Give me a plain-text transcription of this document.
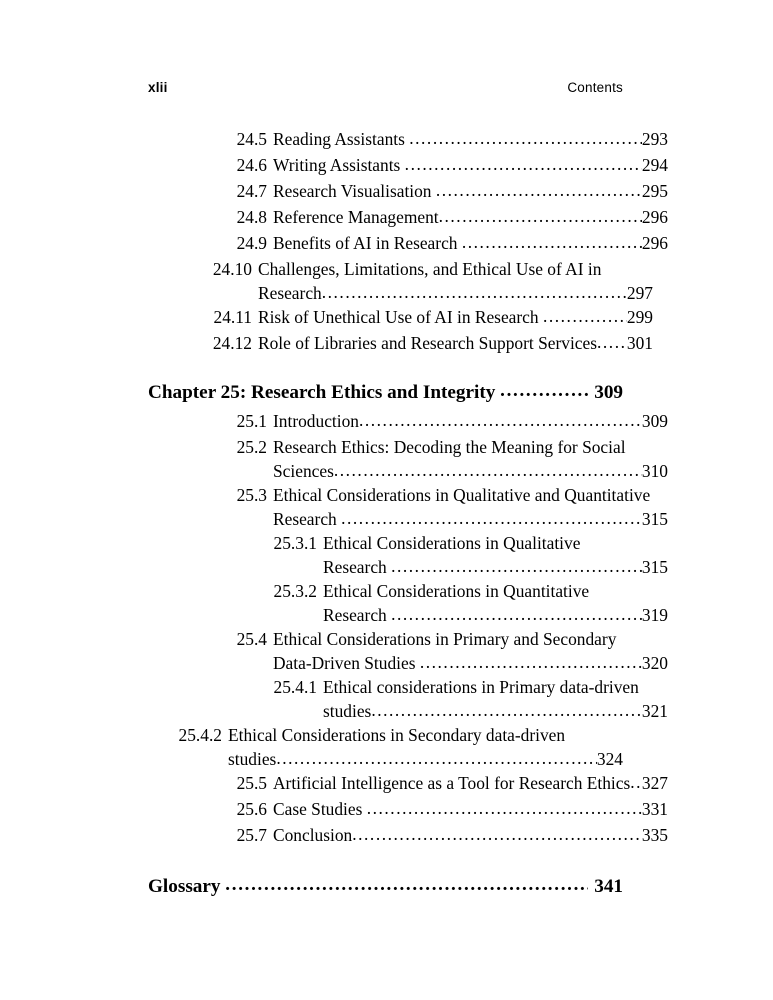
xlii	Contents
24.5 Reading Assistants .....	293
24.6 Writing Assistants .....	294
24.7 Research Visualisation .....	295
24.8 Reference Management .....	296
24.9 Benefits of AI in Research .....	296
24.10 Challenges, Limitations, and Ethical Use of AI in
Research .....	297
24.11 Risk of Unethical Use of AI in Research .....	299
24.12 Role of Libraries and Research Support Services ..... 301
Chapter 25: Research Ethics and Integrity .....	309
25.1 Introduction .....	309
25.2 Research Ethics: Decoding the Meaning for Social
Sciences .....	310
25.3 Ethical Considerations in Qualitative and Quantitative
Research .....	315
25.3.1 Ethical Considerations in Qualitative
Research .....	315
25.3.2 Ethical Considerations in Quantitative
Research .....	319
25.4 Ethical Considerations in Primary and Secondary
Data-Driven Studies .....	320
25.4.1 Ethical considerations in Primary data-driven
studies .....	321
25.4.2 Ethical Considerations in Secondary data-driven
studies .....	324
25.5 Artificial Intelligence as a Tool for Research Ethics ..... 327
25.6 Case Studies .....	331
25.7 Conclusion .....	335
Glossary .....	341
